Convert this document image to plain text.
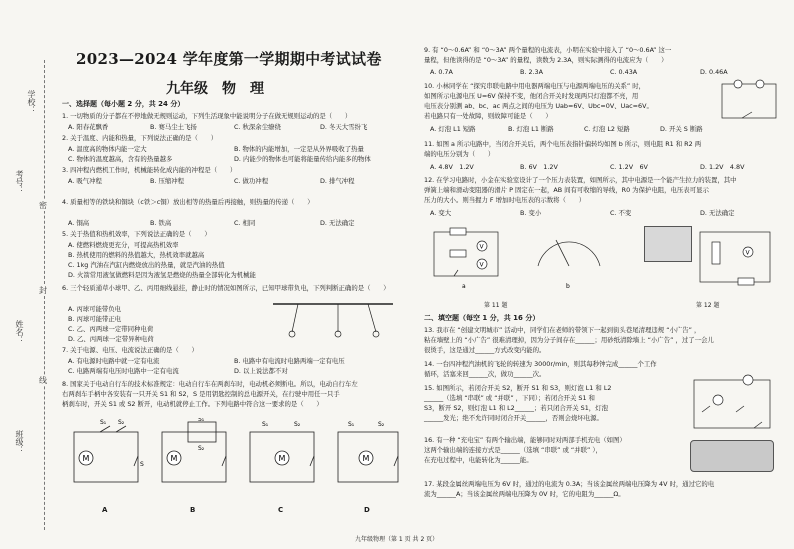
考号：
姓名：
班级：
学校：
密
封
线
2023—2024 学年度第一学期期中考试试卷
九年级　物　理
一、选择题（每小题 2 分，共 24 分）
1. 一切物质的分子都在不停地做无规则运动，下列生活现象中能说明分子在做无规则运动的是（　　）
A. 阳春花飘香	B. 赛马尘土飞扬	C. 秋深余尘缭绕	D. 冬天大雪纷飞
2. 关于温度、内能和热量，下列说法正确的是（　　）
A. 温度高的物体内能一定大	B. 物体的内能增加，一定是从外界吸收了热量
C. 物体的温度越高，含有的热量越多	D. 内能少的物体也可能将能量传给内能多的物体
3. 四冲程内燃机工作时，机械能转化成内能的冲程是（　　）
A. 吸气冲程	B. 压缩冲程	C. 做功冲程	D. 排气冲程
4. 质量相等的铁块和铜块（c铁＞c铜）放出相等的热量后再接触，则热量的传递（　　）
A. 铜高	B. 铁高	C. 相同	D. 无法确定
5. 关于热值和热机效率，下列说法正确的是（　　）
A. 使燃料燃烧更充分，可提高热机效率
B. 热机使用的燃料的热值越大，热机效率就越高
C. 1kg 汽油在汽缸内燃烧放出的热量，就是汽油的热值
D. 火箭常用液氢做燃料是因为液氢是燃烧的热量全部转化为机械能
6. 三个轻质通草小球甲、乙、丙用细线悬挂，静止时的情况如图所示，已知甲球带负电，下列判断正确的是（　　）
A. 丙球可能带负电
B. 丙球可能带正电
C. 乙、丙两球一定带同种电荷
D. 乙、丙两球一定带异种电荷
7. 关于电源、电压、电流说法正确的是（　　）
A. 有电源时电路中就一定有电流	B. 电路中有电流时电路两端一定有电压
C. 电路两端有电压时电路中一定有电流	D. 以上说法都不对
8. 国家关于电动自行车的技术标准规定：电动自行车在两刹车时，电动机必须断电。所以，电动自行车左
右两刹车手柄中各安装有一只开关 S1 和 S2，S 是用钥匙控制的总电源开关，在行驶中用任一只手
柄刹车时，开关 S1 或 S2 断开，电动机就停止工作。下列电路中符合这一要求的是（　　）
M
S₁ S₂
S
M
S₁
S₂
M
S₁	S₂
M
S₁	S₂
A	B	C	D
9. 有 “0～0.6A” 和 “0～3A” 两个量程的电流表，小明在实验中接入了 “0～0.6A” 这一
量程，但他读得的是 “0～3A” 的量程，读数为 2.3A，则实际测得的电流应为（　　）
A. 0.7A	B. 2.3A	C. 0.43A	D. 0.46A
10. 小林同学在 “探究串联电路中用电器两端电压与电源两端电压的关系” 时，
如图所示电源电压 U=6V 保持不变，他闭合开关时发现两只灯泡都不亮，用
电压表分别测 ab、bc、ac 两点之间的电压为 Uab=6V、Ubc=0V、Uac=6V。
若电路只有一处故障，则故障可能是（　　）
A. 灯泡 L1 短路	B. 灯泡 L1 断路	C. 灯泡 L2 短路	D. 开关 S 断路
11. 如图 a 所示电路中，当闭合开关后，两个电压表指针偏转均如图 b 所示，则电阻 R1 和 R2 两
端的电压分别为（　　）
A. 4.8V　1.2V	B. 6V　1.2V	C. 1.2V　6V	D. 1.2V　4.8V
12. 在学习电路时，小金在实验室设计了一个压力表装置，如图所示，其中电源是一个能产生拉力的装置，其中
弹簧上端和滑动变阻器的滑片 P 固定在一起，AB 间有可收缩的导线，R0 为保护电阻，电压表可显示
压力的大小。则当握力 F 增加时电压表的示数将（　　）
A. 变大	B. 变小	C. 不变	D. 无法确定
V
V
a	b
第 11 题
V
第 12 题
二、填空题（每空 1 分，共 16 分）
13. 我市在 “创建文明城市” 活动中，同学们在老师的带领下一起到街头巷尾清理违规 “小广告” ，
粘在墙壁上的 “小广告” 很难清理掉，因为分子间存在______；用砂纸清除墙上 “小广告” ，过了一会儿
很烫手，这是通过______方式改变内能的。
14. 一台四冲程汽油机的飞轮的转速为 3000r/min，则其每秒钟完成______个工作
循环，活塞来回______次，做功______次。
15. 如图所示，若闭合开关 S2，断开 S1 和 S3，则灯泡 L1 和 L2
______（选填 “串联” 或 “并联” ，下同）；若闭合开关 S1 和
S3，断开 S2，则灯泡 L1 和 L2______；若只闭合开关 S1，灯泡
______发光；绝不允许同时闭合开关______，否则会烧坏电源。
16. 有一种 “充电宝” 有两个输出端，能够同时对两部手机充电（如图）
这两个输出端的连接方式是______（选填 “串联” 或 “并联” ），
在充电过程中，电能转化为______能。
17. 某段金属丝两端电压为 6V 时，通过的电流为 0.3A；当该金属丝两端电压降为 4V 时，通过它的电
流为______A；当该金属丝两端电压降为 0V 时，它的电阻为______Ω。
九年级物理（第 1 页 共 2 页）
